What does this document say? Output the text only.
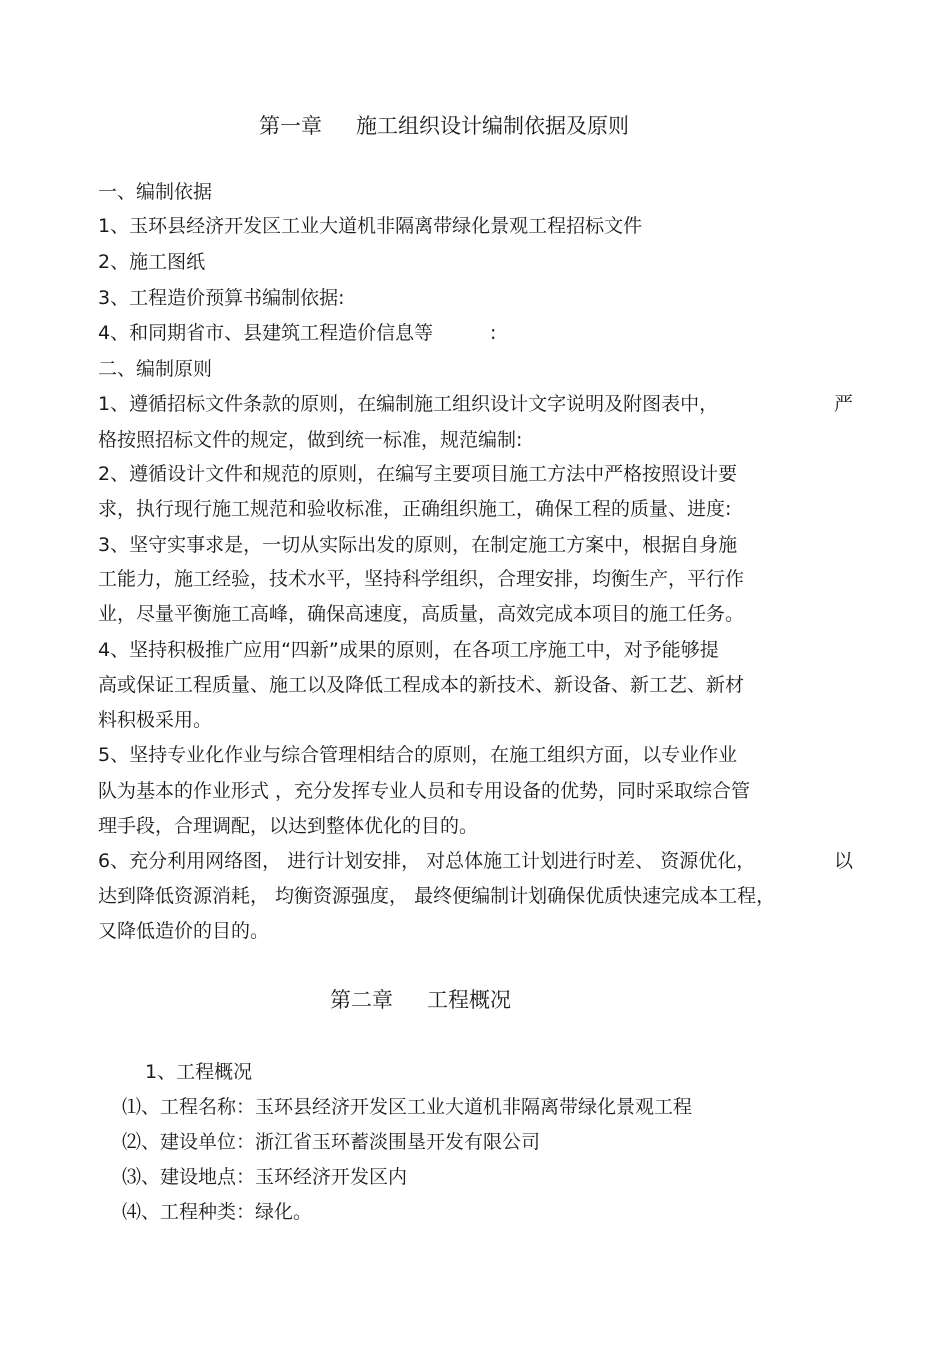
第一章 施工组织设计编制依据及原则
一、编制依据
1、玉环县经济开发区工业大道机非隔离带绿化景观工程招标文件
2、施工图纸
3、工程造价预算书编制依据:
4、和同期省市、县建筑工程造价信息等	:
二、编制原则
1、遵循招标文件条款的原则，在编制施工组织设计文字说明及附图表中，	严
格按照招标文件的规定，做到统一标准，规范编制:
2、遵循设计文件和规范的原则，在编写主要项目施工方法中严格按照设计要
求，执行现行施工规范和验收标准，正确组织施工，确保工程的质量、进度:
3、坚守实事求是，一切从实际出发的原则，在制定施工方案中，根据自身施
工能力，施工经验，技术水平，坚持科学组织，合理安排，均衡生产，平行作
业，尽量平衡施工高峰，确保高速度，高质量，高效完成本项目的施工任务。
4、坚持积极推广应用“四新”成果的原则，在各项工序施工中，对予能够提
高或保证工程质量、施工以及降低工程成本的新技术、新设备、新工艺、新材
料积极采用。
5、坚持专业化作业与综合管理相结合的原则，在施工组织方面，以专业作业
队为基本的作业形式 ，充分发挥专业人员和专用设备的优势，同时采取综合管
理手段，合理调配，以达到整体优化的目的。
6、充分利用网络图， 进行计划安排， 对总体施工计划进行时差、 资源优化，	以
达到降低资源消耗， 均衡资源强度， 最终便编制计划确保优质快速完成本工程，
又降低造价的目的。
第二章 工程概况
1、工程概况
⑴、工程名称：玉环县经济开发区工业大道机非隔离带绿化景观工程
⑵、建设单位：浙江省玉环蓄淡围垦开发有限公司
⑶、建设地点：玉环经济开发区内
⑷、工程种类：绿化。
